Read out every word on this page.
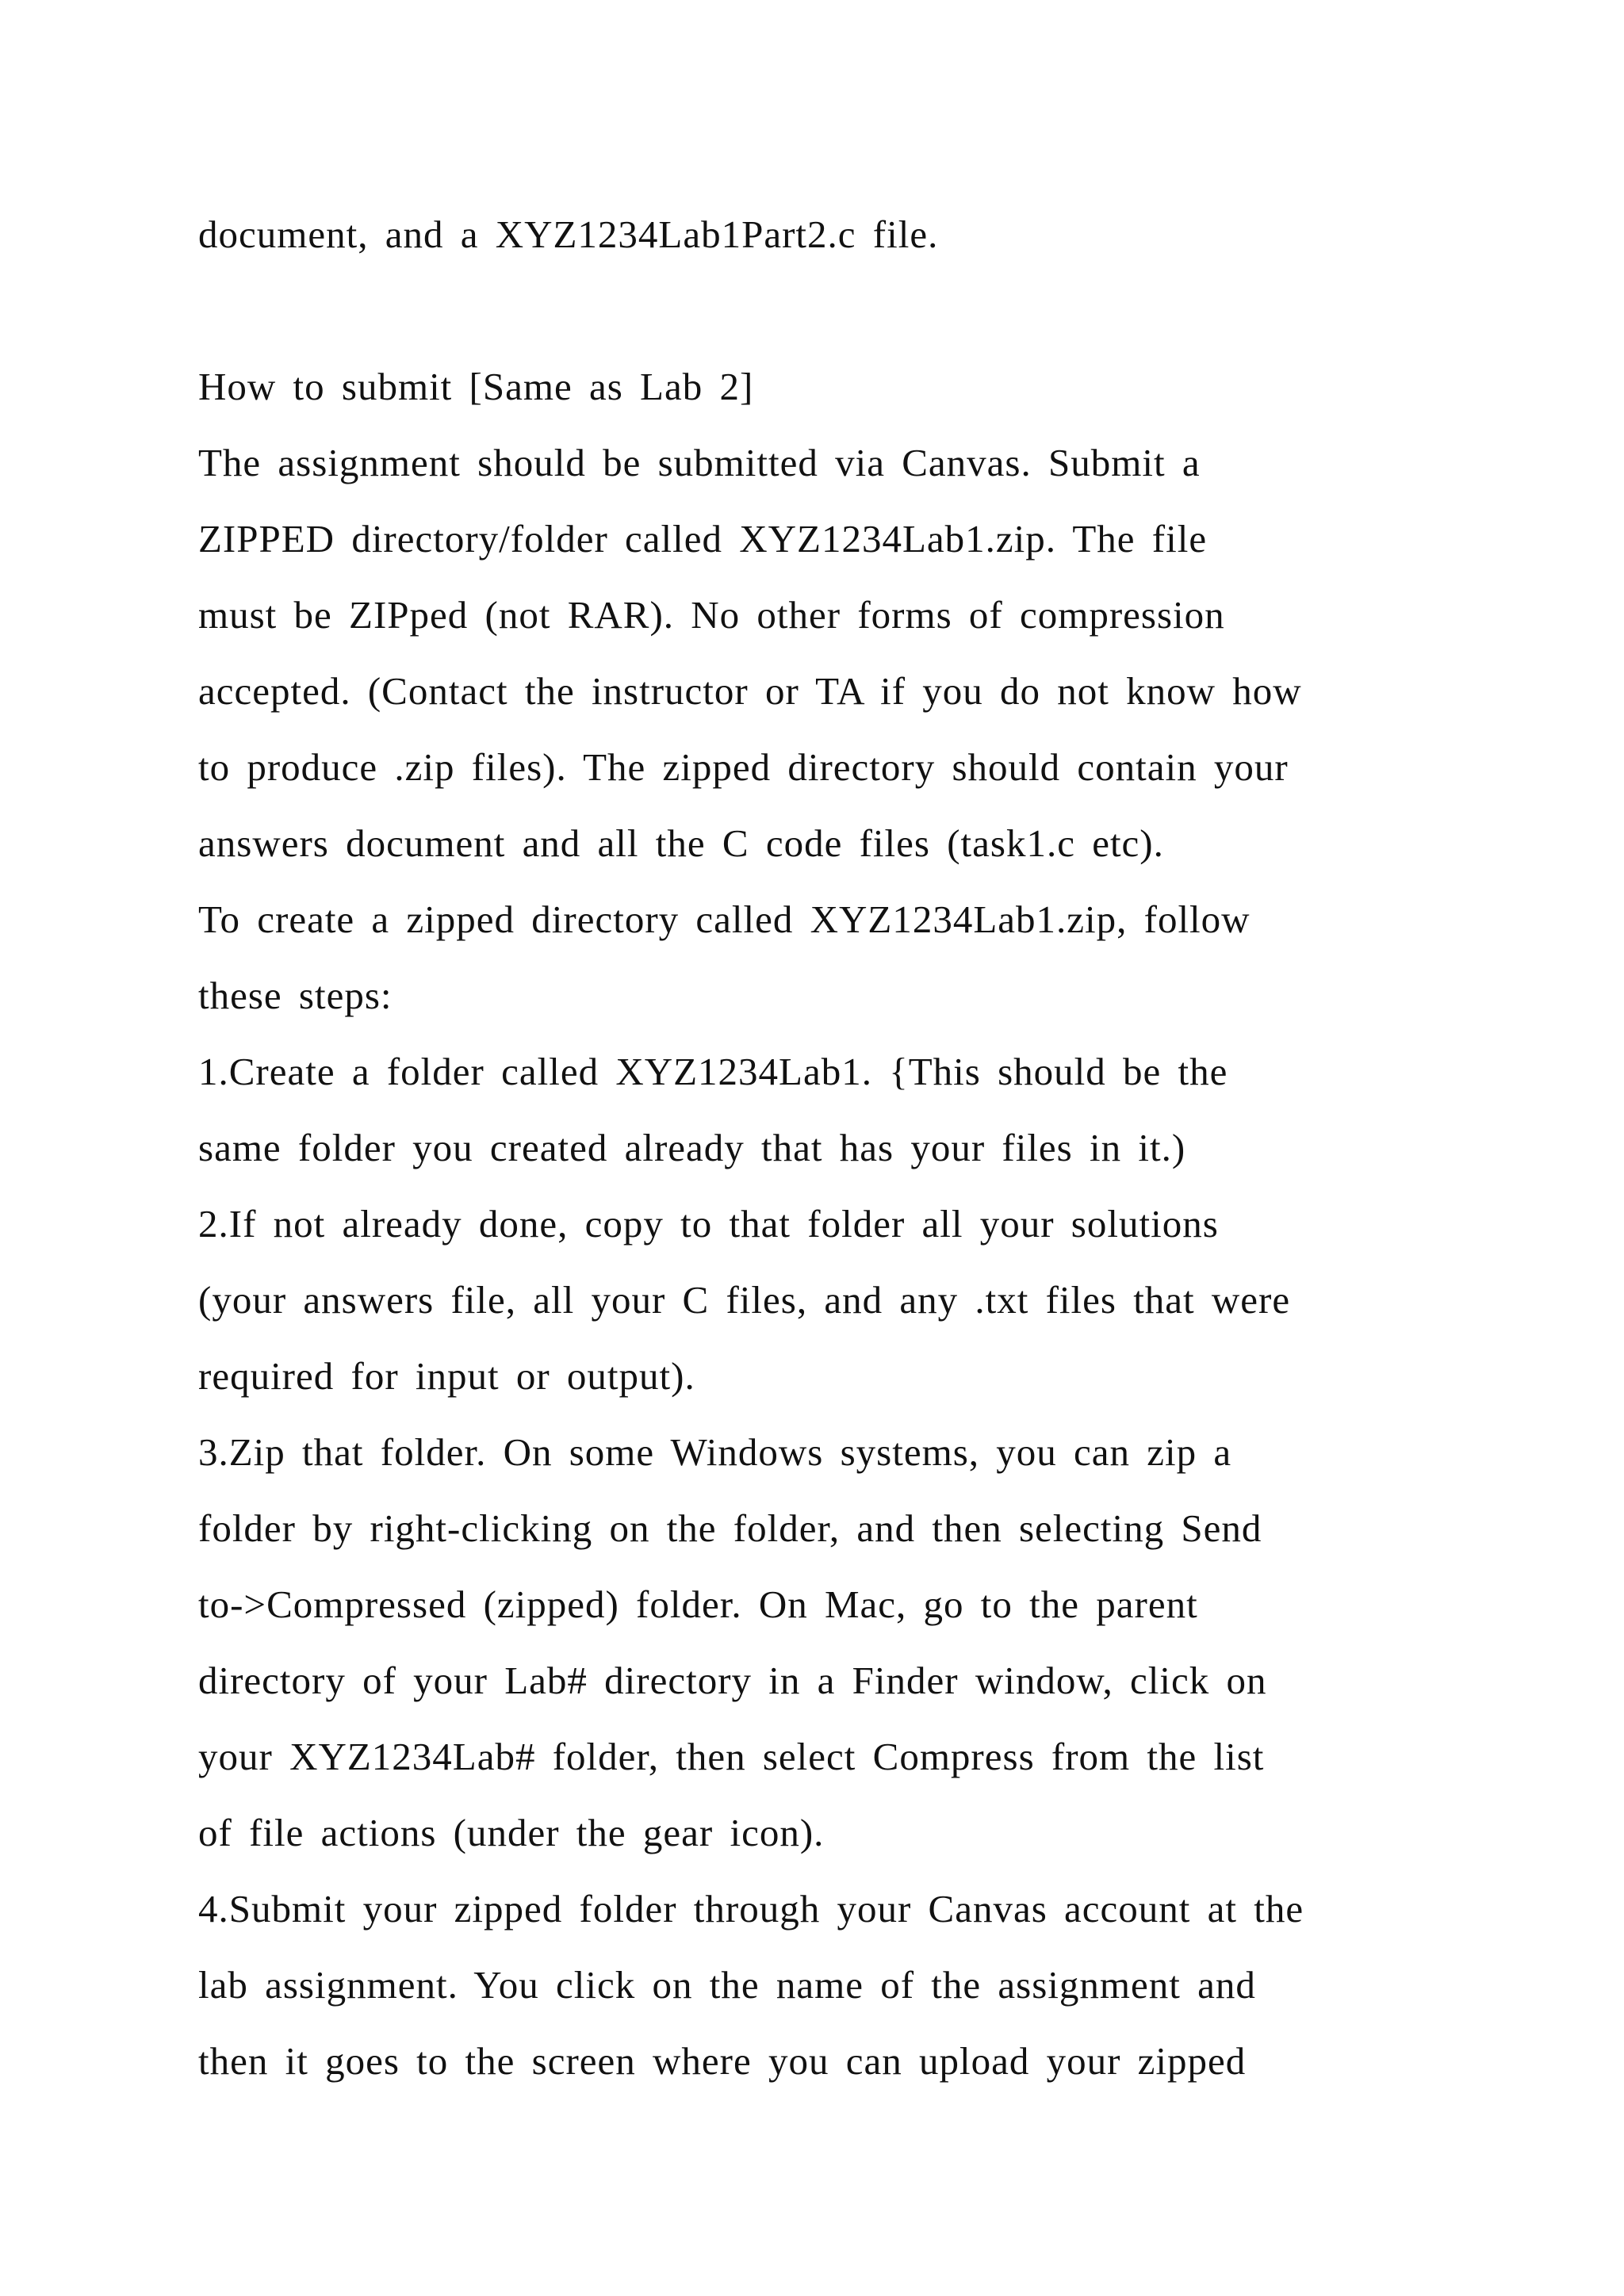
document, and a XYZ1234Lab1Part2.c file.
How to submit [Same as Lab 2]
The assignment should be submitted via Canvas. Submit a
ZIPPED directory/folder called XYZ1234Lab1.zip. The file
must be ZIPped (not RAR). No other forms of compression
accepted. (Contact the instructor or TA if you do not know how
to produce .zip files). The zipped directory should contain your
answers document and all the C code files (task1.c etc).
To create a zipped directory called XYZ1234Lab1.zip, follow
these steps:
1.Create a folder called XYZ1234Lab1. {This should be the
same folder you created already that has your files in it.)
2.If not already done, copy to that folder all your solutions
(your answers file, all your C files, and any .txt files that were
required for input or output).
3.Zip that folder. On some Windows systems, you can zip a
folder by right-clicking on the folder, and then selecting Send
to->Compressed (zipped) folder. On Mac, go to the parent
directory of your Lab# directory in a Finder window, click on
your XYZ1234Lab# folder, then select Compress from the list
of file actions (under the gear icon).
4.Submit your zipped folder through your Canvas account at the
lab assignment. You click on the name of the assignment and
then it goes to the screen where you can upload your zipped
